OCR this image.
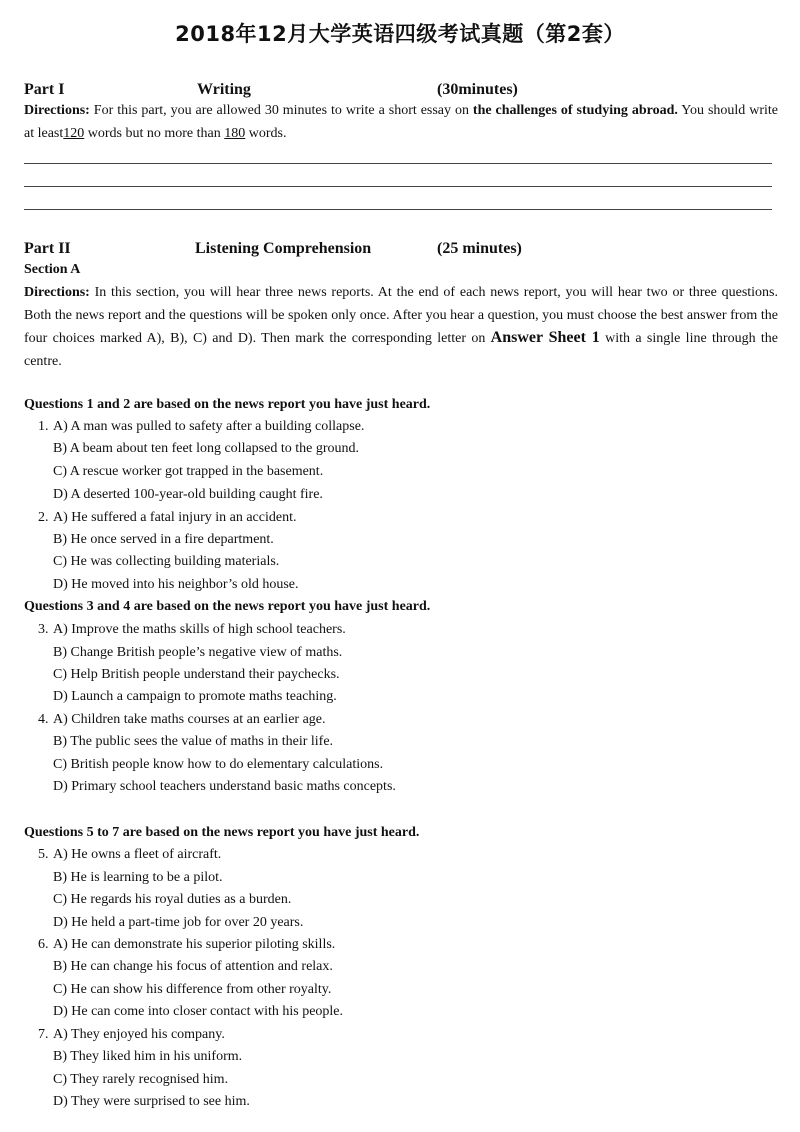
2018年12月大学英语四级考试真题（第2套）
Part I	Writing	(30minutes)
Directions: For this part, you are allowed 30 minutes to write a short essay on the challenges of studying abroad. You should write at least120 words but no more than 180 words.
Part II	Listening Comprehension	(25 minutes)
Section A
Directions: In this section, you will hear three news reports. At the end of each news report, you will hear two or three questions. Both the news report and the questions will be spoken only once. After you hear a question, you must choose the best answer from the four choices marked A), B), C) and D). Then mark the corresponding letter on Answer Sheet 1 with a single line through the centre.
Questions 1 and 2 are based on the news report you have just heard.
1. A) A man was pulled to safety after a building collapse.
B) A beam about ten feet long collapsed to the ground.
C) A rescue worker got trapped in the basement.
D) A deserted 100-year-old building caught fire.
2. A) He suffered a fatal injury in an accident.
B) He once served in a fire department.
C) He was collecting building materials.
D) He moved into his neighbor’s old house.
Questions 3 and 4 are based on the news report you have just heard.
3. A) Improve the maths skills of high school teachers.
B) Change British people’s negative view of maths.
C) Help British people understand their paychecks.
D) Launch a campaign to promote maths teaching.
4. A) Children take maths courses at an earlier age.
B) The public sees the value of maths in their life.
C) British people know how to do elementary calculations.
D) Primary school teachers understand basic maths concepts.
Questions 5 to 7 are based on the news report you have just heard.
5. A) He owns a fleet of aircraft.
B) He is learning to be a pilot.
C) He regards his royal duties as a burden.
D) He held a part-time job for over 20 years.
6. A) He can demonstrate his superior piloting skills.
B) He can change his focus of attention and relax.
C) He can show his difference from other royalty.
D) He can come into closer contact with his people.
7. A) They enjoyed his company.
B) They liked him in his uniform.
C) They rarely recognised him.
D) They were surprised to see him.
